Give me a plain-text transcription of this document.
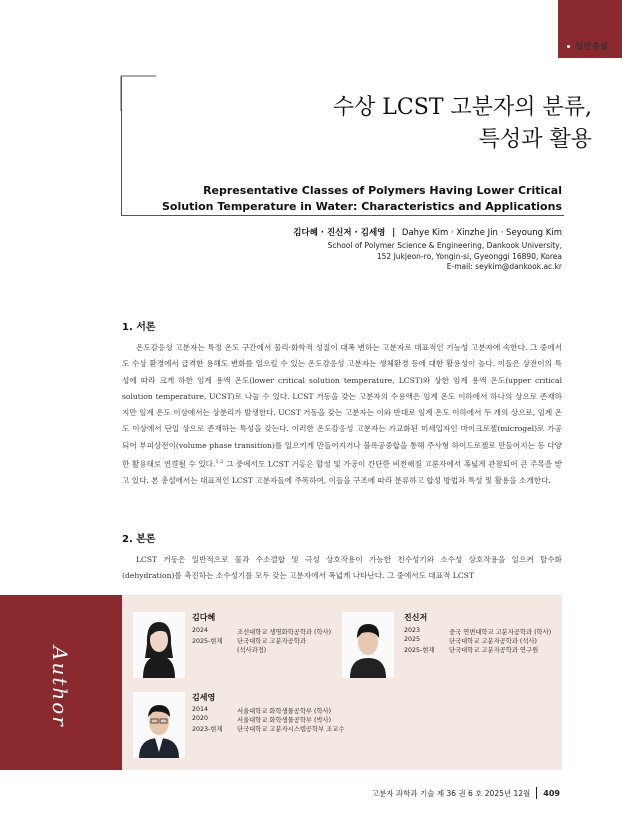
일반총설
수상 LCST 고분자의 분류,
특성과 활용
Representative Classes of Polymers Having Lower Critical
Solution Temperature in Water: Characteristics and Applications
김다혜 · 진신저 · 김세영 | Dahye Kim · Xinzhe Jin · Seyoung Kim
School of Polymer Science & Engineering, Dankook University,
152 Jukjeon-ro, Yongin-si, Gyeonggi 16890, Korea
E-mail: seykim@dankook.ac.kr
1. 서론
온도감응성 고분자는 특정 온도 구간에서 물리·화학적 성질이 대폭 변하는 고분자로 대표적인 기능성 고분자에 속한다. 그 중에서도 수상 환경에서 급격한 용해도 변화를 일으킬 수 있는 온도감응성 고분자는 생체환경 등에 대한 활용성이 높다. 이들은 상전이의 특성에 따라 크게 하한 임계 용액 온도(lower critical solution temperature, LCST)와 상한 임계 용액 온도(upper critical solution temperature, UCST)로 나눌 수 있다. LCST 거동을 갖는 고분자의 수용액은 임계 온도 이하에서 하나의 상으로 존재하지만 임계 온도 이상에서는 상분리가 발생한다. UCST 거동을 갖는 고분자는 이와 반대로 임계 온도 이하에서 두 개의 상으로, 임계 온도 이상에서 단일 상으로 존재하는 특성을 갖는다. 이러한 온도감응성 고분자는 가교화된 미세입자인 마이크로젤(microgel)로 가공되어 부피상전이(volume phase transition)를 일으키게 만들어지거나 블록공중합을 통해 주사형 하이드로젤로 만들어지는 등 다양한 활용태로 연결될 수 있다.$^{1,2}$ 그 중에서도 LCST 거동은 합성 및 가공이 간단한 비전해질 고분자에서 폭넓게 관찰되어 큰 주목을 받고 있다. 본 총설에서는 대표적인 LCST 고분자들에 주목하여, 이들을 구조에 따라 분류하고 합성 방법과 특성 및 활용을 소개한다.
2. 본론
LCST 거동은 일반적으로 물과 수소결합 및 극성 상호작용이 가능한 친수성기와 소수성 상호작용을 일으켜 탈수화(dehydration)를 촉진하는 소수성기를 모두 갖는 고분자에서 폭넓게 나타난다. 그 중에서도 대표적 LCST
Author
김다혜
2024	조선대학교 생명화학공학과 (학사)
2025-현재	단국대학교 고분자공학과
(석사과정)
진신저
2023	중국 연변대학교 고분자공학과 (학사)
2025	단국대학교 고분자공학과 (석사)
2025-현재	단국대학교 고분자공학과 연구원
김세영
2014	서울대학교 화학생물공학부 (학사)
2020	서울대학교 화학생물공학부 (박사)
2023-현재	단국대학교 고분자시스템공학부 조교수
고분자 과학과 기술 제 36 권 6 호 2025년 12월 409
